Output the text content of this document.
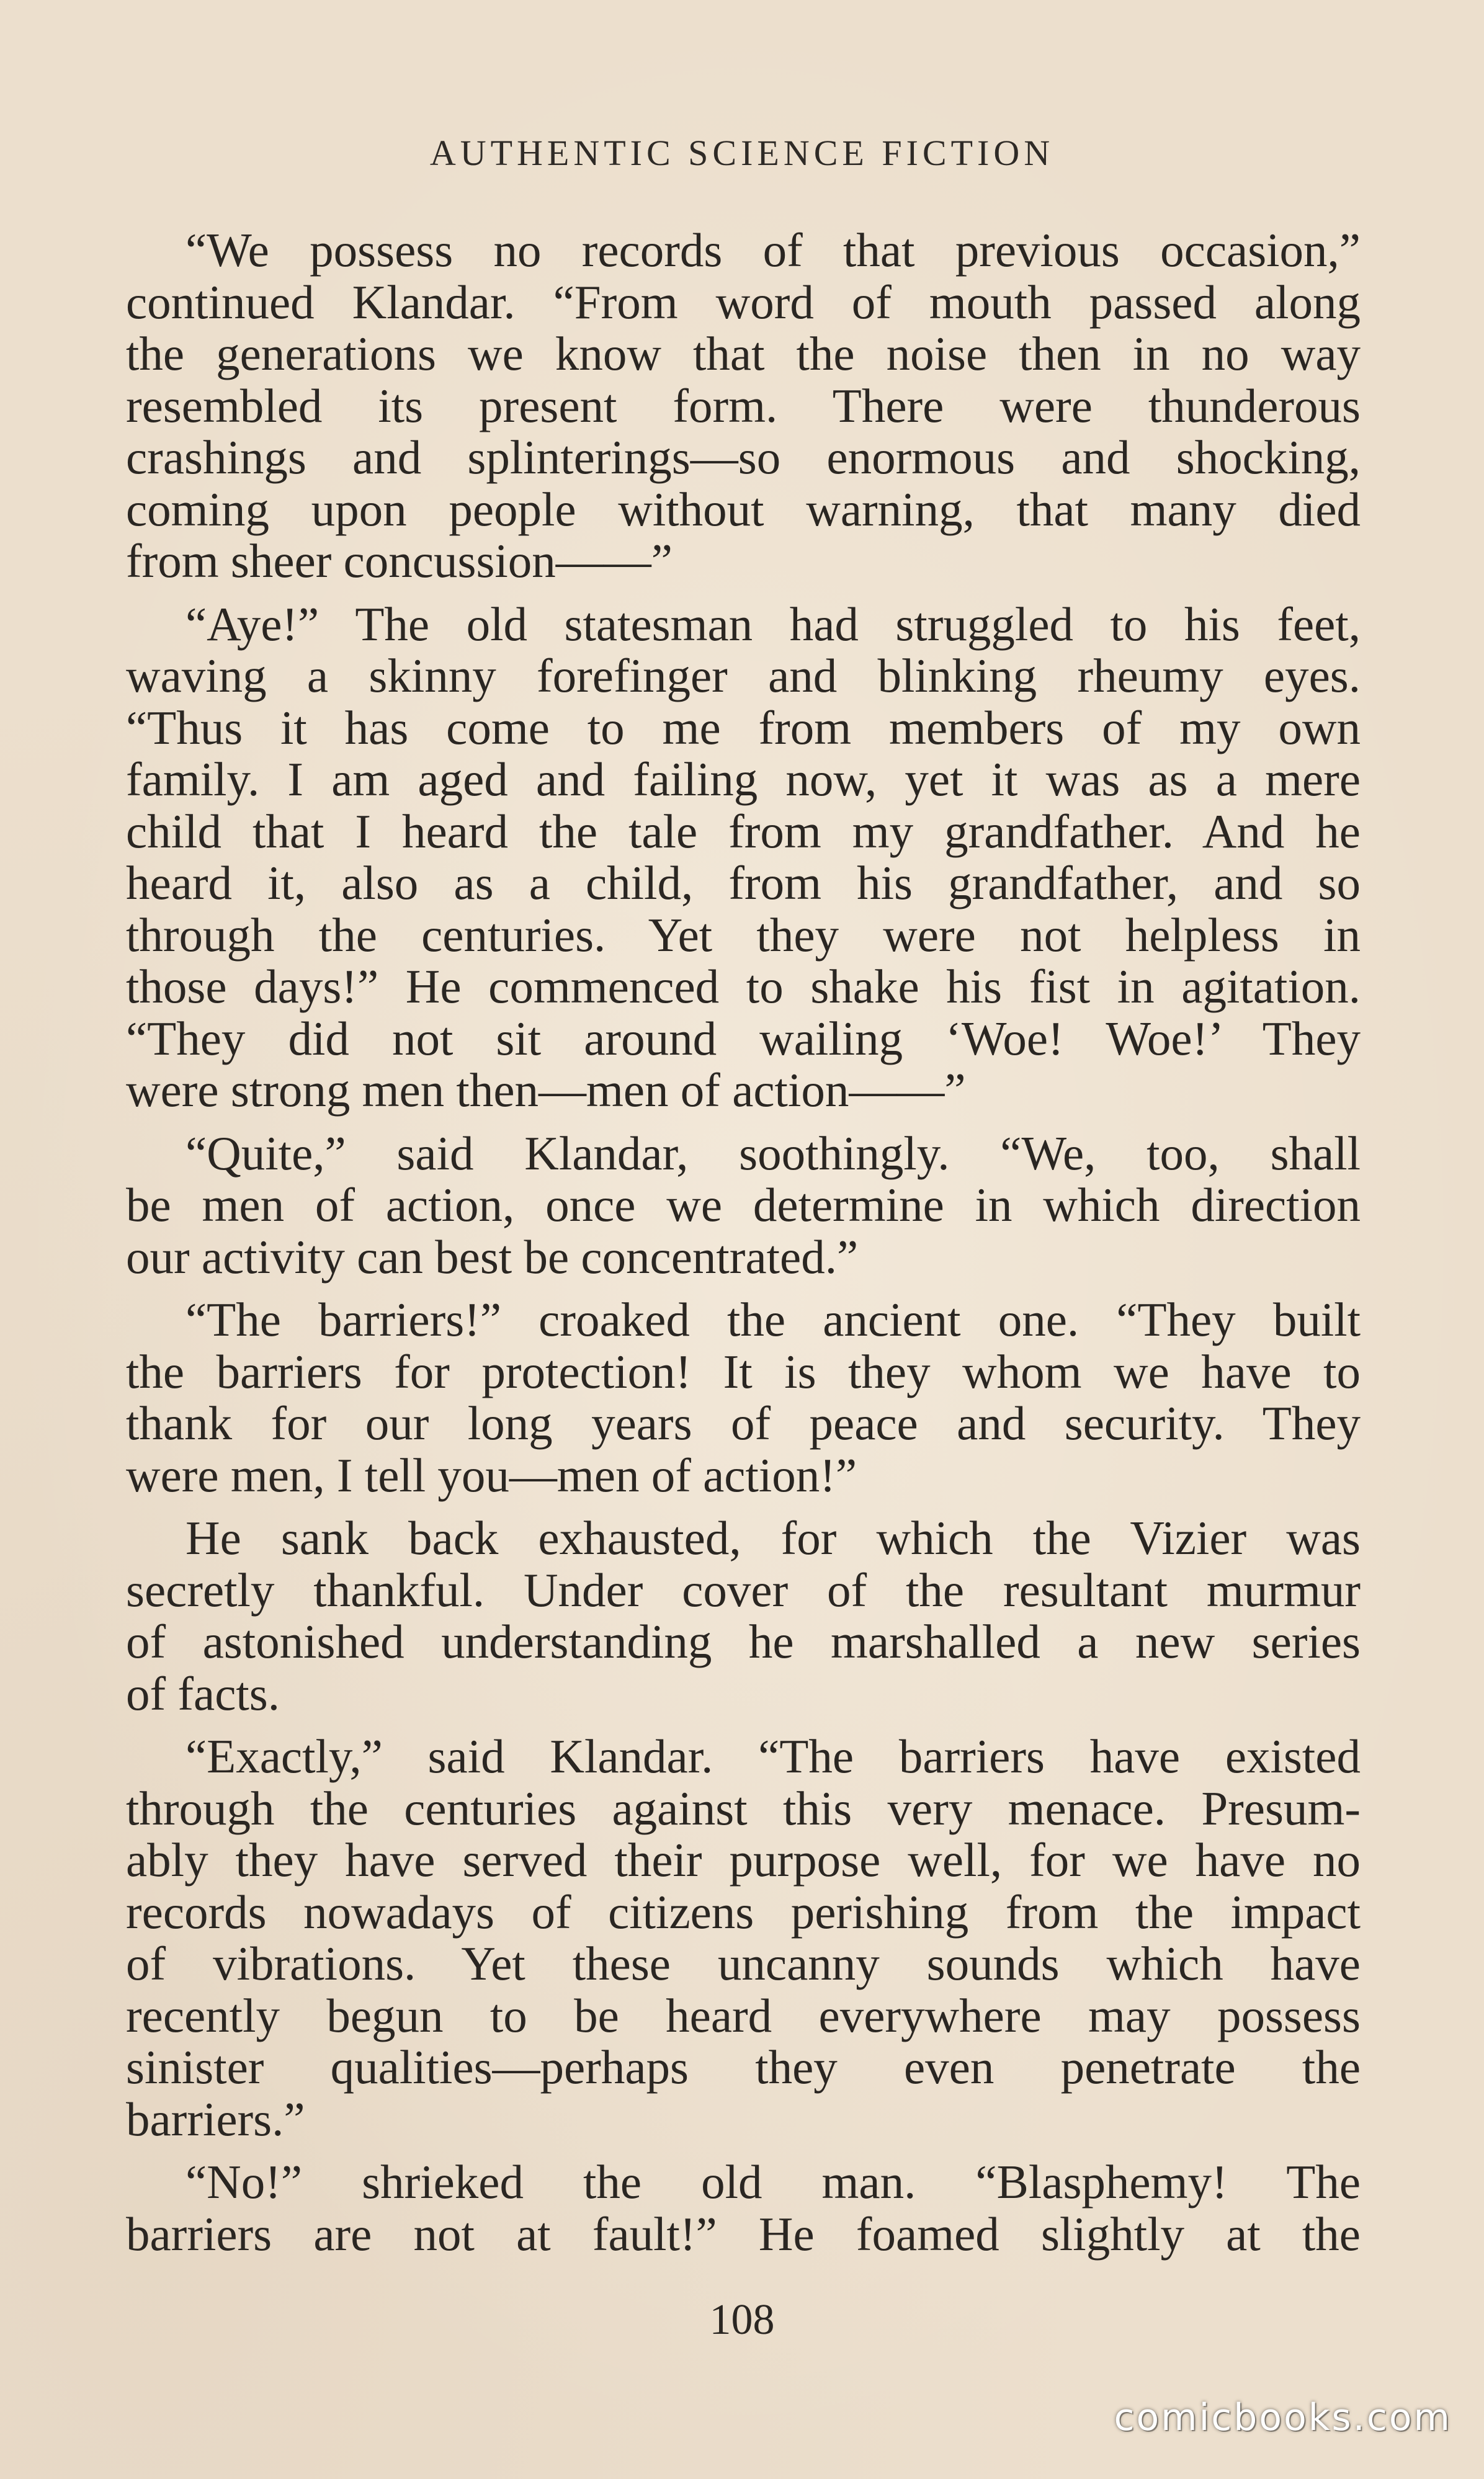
AUTHENTIC SCIENCE FICTION

“We possess no records of that previous occasion,”
continued Klandar. “From word of mouth passed along
the generations we know that the noise then in no way
resembled its present form. There were thunderous
crashings and splinterings—so enormous and shocking,
coming upon people without warning, that many died
from sheer concussion——”

“Aye!” The old statesman had struggled to his feet,
waving a skinny forefinger and blinking rheumy eyes.
“Thus it has come to me from members of my own
family. I am aged and failing now, yet it was as a mere
child that I heard the tale from my grandfather. And he
heard it, also as a child, from his grandfather, and so
through the centuries. Yet they were not helpless in
those days!” He commenced to shake his fist in agitation.
“They did not sit around wailing ‘Woe! Woe!’ They
were strong men then—men of action——”

“Quite,” said Klandar, soothingly. “We, too, shall
be men of action, once we determine in which direction
our activity can best be concentrated.”

“The barriers!” croaked the ancient one. “They built
the barriers for protection! It is they whom we have to
thank for our long years of peace and security. They
were men, I tell you—men of action!”

He sank back exhausted, for which the Vizier was
secretly thankful. Under cover of the resultant murmur
of astonished understanding he marshalled a new series
of facts.

“Exactly,” said Klandar. “The barriers have existed
through the centuries against this very menace. Presum-
ably they have served their purpose well, for we have no
records nowadays of citizens perishing from the impact
of vibrations. Yet these uncanny sounds which have
recently begun to be heard everywhere may possess
sinister qualities—perhaps they even penetrate the
barriers.”

“No!” shrieked the old man. “Blasphemy! The
barriers are not at fault!” He foamed slightly at the

108
comicbooks.com
